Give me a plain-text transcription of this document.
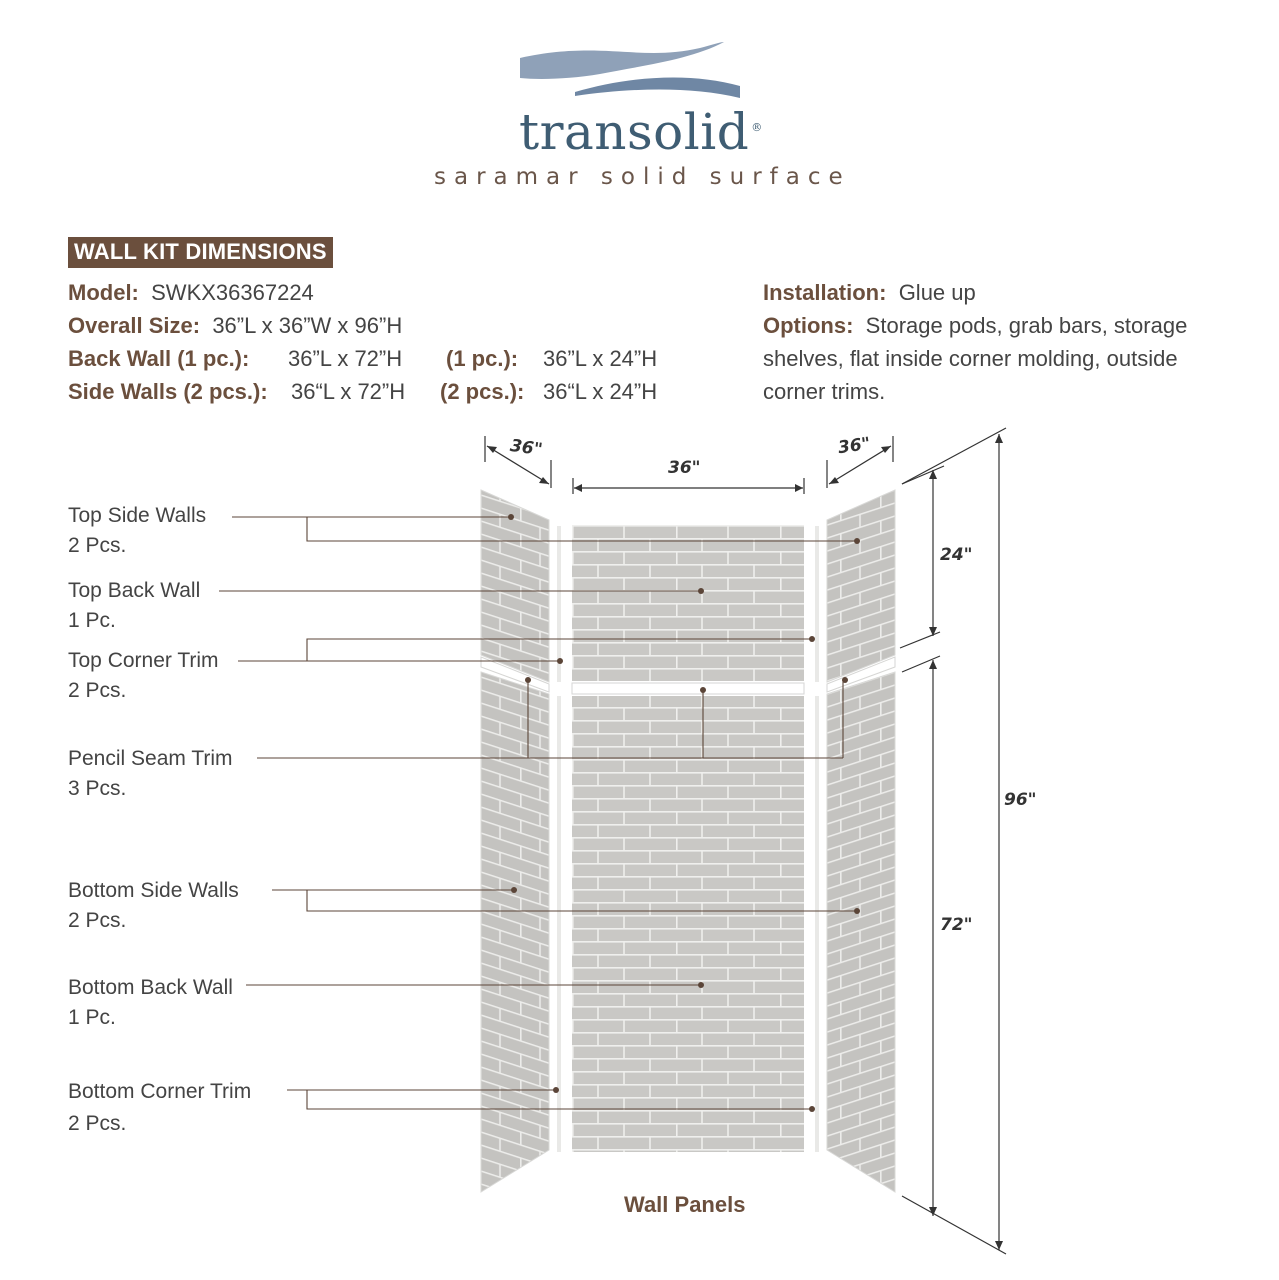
transolid ®
saramar solid surface
WALL KIT DIMENSIONS
Model: SWKX36367224
Overall Size: 36”L x 36”W x 96”H
Back Wall (1 pc.): 36”L x 72”H (1 pc.): 36”L x 24”H
Side Walls (2 pcs.): 36“L x 72”H (2 pcs.): 36“L x 24”H
Installation: Glue up
Options: Storage pods, grab bars, storage
shelves, flat inside corner molding, outside
corner trims.
Top Side Walls
2 Pcs.
Top Back Wall
1 Pc.
Top Corner Trim
2 Pcs.
Pencil Seam Trim
3 Pcs.
Bottom Side Walls
2 Pcs.
Bottom Back Wall
1 Pc.
Bottom Corner Trim
2 Pcs.
36"
36"
36"
24"
72"
96"
Wall Panels
